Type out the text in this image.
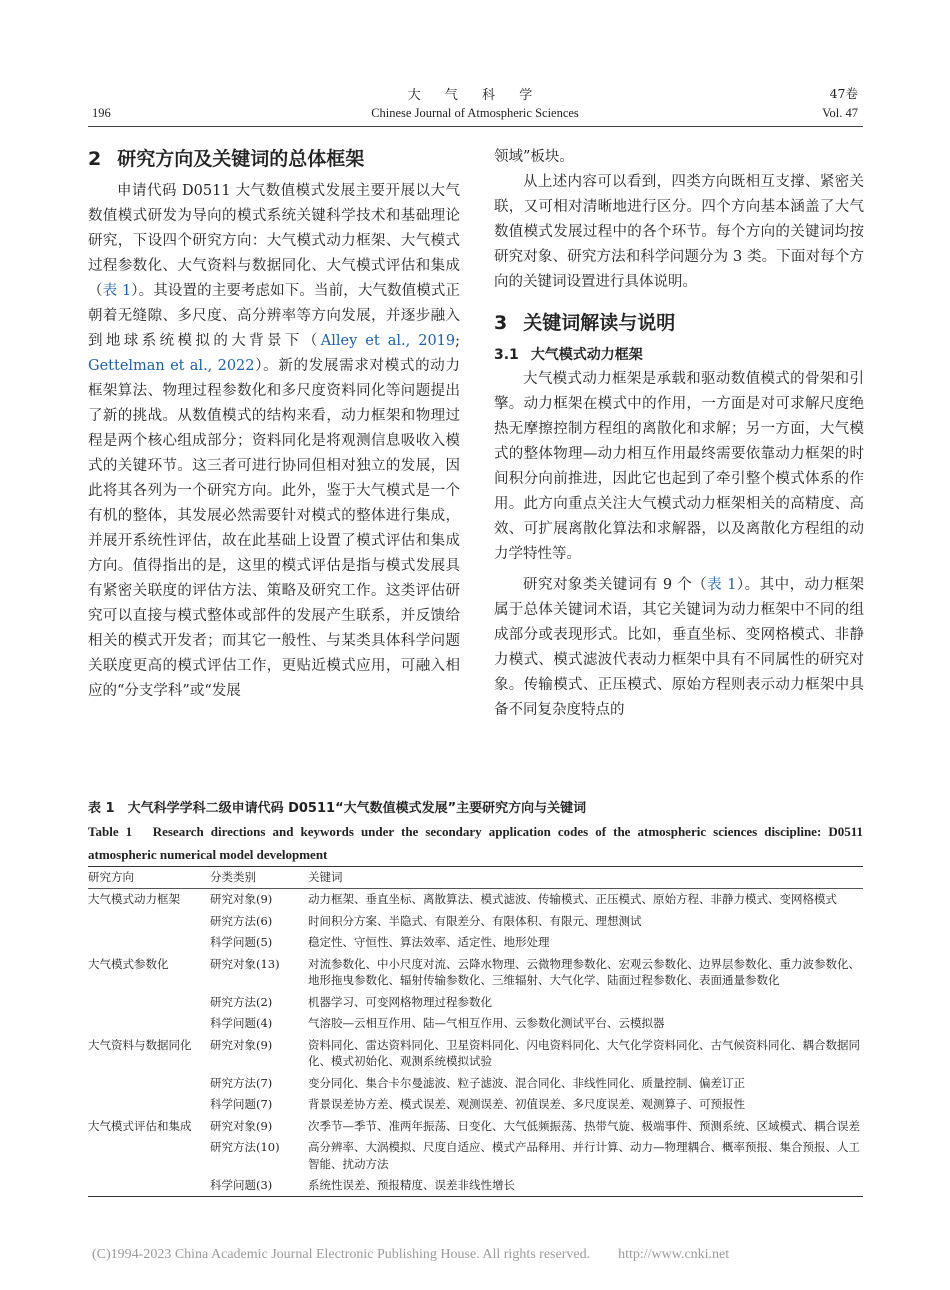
大 气 科 学
Chinese Journal of Atmospheric Sciences
196
47卷
Vol. 47
2 研究方向及关键词的总体框架

申请代码 D0511 大气数值模式发展主要开展以大气数值模式研发为导向的模式系统关键科学技术和基础理论研究，下设四个研究方向：大气模式动力框架、大气模式过程参数化、大气资料与数据同化、大气模式评估和集成（表 1）。其设置的主要考虑如下。当前，大气数值模式正朝着无缝隙、多尺度、高分辨率等方向发展，并逐步融入到地球系统模拟的大背景下（Alley et al., 2019; Gettelman et al., 2022）。新的发展需求对模式的动力框架算法、物理过程参数化和多尺度资料同化等问题提出了新的挑战。从数值模式的结构来看，动力框架和物理过程是两个核心组成部分；资料同化是将观测信息吸收入模式的关键环节。这三者可进行协同但相对独立的发展，因此将其各列为一个研究方向。此外，鉴于大气模式是一个有机的整体，其发展必然需要针对模式的整体进行集成，并展开系统性评估，故在此基础上设置了模式评估和集成方向。值得指出的是，这里的模式评估是指与模式发展具有紧密关联度的评估方法、策略及研究工作。这类评估研究可以直接与模式整体或部件的发展产生联系，并反馈给相关的模式开发者；而其它一般性、与某类具体科学问题关联度更高的模式评估工作，更贴近模式应用，可融入相应的“分支学科”或“发展

领域”板块。

从上述内容可以看到，四类方向既相互支撑、紧密关联，又可相对清晰地进行区分。四个方向基本涵盖了大气数值模式发展过程中的各个环节。每个方向的关键词均按研究对象、研究方法和科学问题分为 3 类。下面对每个方向的关键词设置进行具体说明。

3 关键词解读与说明
3.1 大气模式动力框架

大气模式动力框架是承载和驱动数值模式的骨架和引擎。动力框架在模式中的作用，一方面是对可求解尺度绝热无摩擦控制方程组的离散化和求解；另一方面，大气模式的整体物理—动力相互作用最终需要依靠动力框架的时间积分向前推进，因此它也起到了牵引整个模式体系的作用。此方向重点关注大气模式动力框架相关的高精度、高效、可扩展离散化算法和求解器，以及离散化方程组的动力学特性等。

研究对象类关键词有 9 个（表 1）。其中，动力框架属于总体关键词术语，其它关键词为动力框架中不同的组成部分或表现形式。比如，垂直坐标、变网格模式、非静力模式、模式滤波代表动力框架中具有不同属性的研究对象。传输模式、正压模式、原始方程则表示动力框架中具备不同复杂度特点的

表 1　大气科学学科二级申请代码 D0511“大气数值模式发展”主要研究方向与关键词
Table 1　Research directions and keywords under the secondary application codes of the atmospheric sciences discipline: D0511 atmospheric numerical model development
研究方向	分类类别	关键词
大气模式动力框架	研究对象(9)	动力框架、垂直坐标、离散算法、模式滤波、传输模式、正压模式、原始方程、非静力模式、变网格模式
	研究方法(6)	时间积分方案、半隐式、有限差分、有限体积、有限元、理想测试
	科学问题(5)	稳定性、守恒性、算法效率、适定性、地形处理
大气模式参数化	研究对象(13)	对流参数化、中小尺度对流、云降水物理、云微物理参数化、宏观云参数化、边界层参数化、重力波参数化、地形拖曳参数化、辐射传输参数化、三维辐射、大气化学、陆面过程参数化、表面通量参数化
	研究方法(2)	机器学习、可变网格物理过程参数化
	科学问题(4)	气溶胶—云相互作用、陆—气相互作用、云参数化测试平台、云模拟器
大气资料与数据同化	研究对象(9)	资料同化、雷达资料同化、卫星资料同化、闪电资料同化、大气化学资料同化、古气候资料同化、耦合数据同化、模式初始化、观测系统模拟试验
	研究方法(7)	变分同化、集合卡尔曼滤波、粒子滤波、混合同化、非线性同化、质量控制、偏差订正
	科学问题(7)	背景误差协方差、模式误差、观测误差、初值误差、多尺度误差、观测算子、可预报性
大气模式评估和集成	研究对象(9)	次季节—季节、准两年振荡、日变化、大气低频振荡、热带气旋、极端事件、预测系统、区域模式、耦合误差
	研究方法(10)	高分辨率、大涡模拟、尺度自适应、模式产品释用、并行计算、动力—物理耦合、概率预报、集合预报、人工智能、扰动方法
	科学问题(3)	系统性误差、预报精度、误差非线性增长
(C)1994-2023 China Academic Journal Electronic Publishing House. All rights reserved.　　http://www.cnki.net
